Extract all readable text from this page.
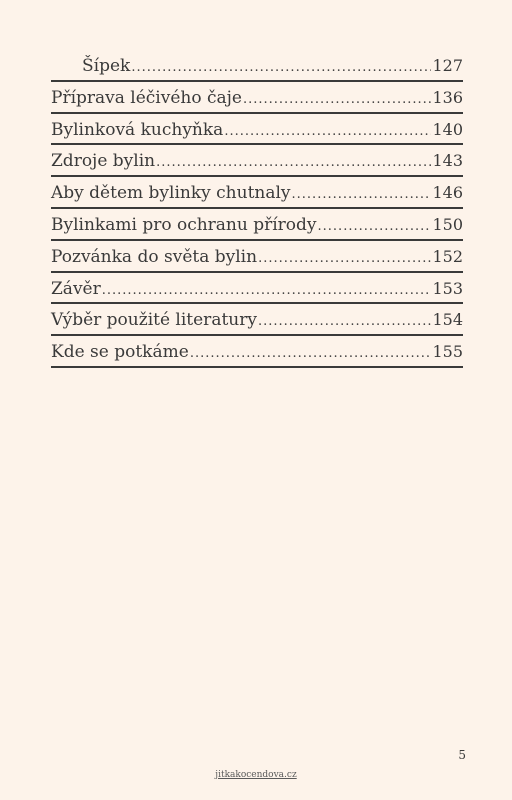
Šípek .....	127
Příprava léčivého čaje .....	136
Bylinková kuchyňka .....	140
Zdroje bylin .....	143
Aby dětem bylinky chutnaly .....	146
Bylinkami pro ochranu přírody .....	150
Pozvánka do světa bylin .....	152
Závěr .....	153
Výběr použité literatury .....	154
Kde se potkáme .....	155
5
jitkakocendova.cz
